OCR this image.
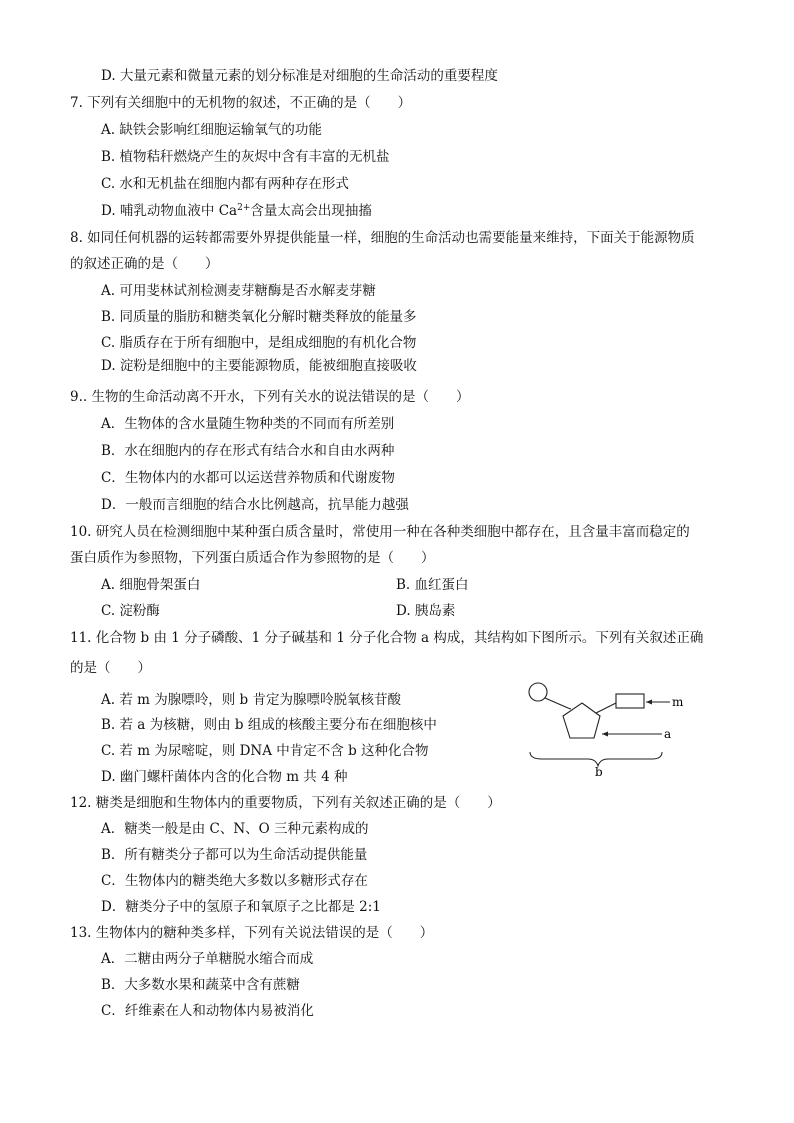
D. 大量元素和微量元素的划分标准是对细胞的生命活动的重要程度
7. 下列有关细胞中的无机物的叙述，不正确的是（　　）
A. 缺铁会影响红细胞运输氧气的功能
B. 植物秸秆燃烧产生的灰烬中含有丰富的无机盐
C. 水和无机盐在细胞内都有两种存在形式
8. 如同任何机器的运转都需要外界提供能量一样，细胞的生命活动也需要能量来维持，下面关于能源物质
的叙述正确的是（　　）
A. 可用斐林试剂检测麦芽糖酶是否水解麦芽糖
B. 同质量的脂肪和糖类氧化分解时糖类释放的能量多
C. 脂质存在于所有细胞中，是组成细胞的有机化合物
D. 淀粉是细胞中的主要能源物质，能被细胞直接吸收
9.. 生物的生命活动离不开水，下列有关水的说法错误的是（　　）
A．生物体的含水量随生物种类的不同而有所差别
B．水在细胞内的存在形式有结合水和自由水两种
C．生物体内的水都可以运送营养物质和代谢废物
D．一般而言细胞的结合水比例越高，抗旱能力越强
10. 研究人员在检测细胞中某种蛋白质含量时，常使用一种在各种类细胞中都存在，且含量丰富而稳定的
蛋白质作为参照物，下列蛋白质适合作为参照物的是（　　）
A. 细胞骨架蛋白	B. 血红蛋白
C. 淀粉酶	D. 胰岛素
11. 化合物 b 由 1 分子磷酸、1 分子碱基和 1 分子化合物 a 构成，其结构如下图所示。下列有关叙述正确
的是（　　）
A. 若 m 为腺嘌呤，则 b 肯定为腺嘌呤脱氧核苷酸
B. 若 a 为核糖，则由 b 组成的核酸主要分布在细胞核中
C. 若 m 为尿嘧啶，则 DNA 中肯定不含 b 这种化合物
D. 幽门螺杆菌体内含的化合物 m 共 4 种
12. 糖类是细胞和生物体内的重要物质，下列有关叙述正确的是（　　）
A．糖类一般是由 C、N、O 三种元素构成的
B．所有糖类分子都可以为生命活动提供能量
C．生物体内的糖类绝大多数以多糖形式存在
D．糖类分子中的氢原子和氧原子之比都是 2:1
13. 生物体内的糖种类多样，下列有关说法错误的是（　　）
A．二糖由两分子单糖脱水缩合而成
B．大多数水果和蔬菜中含有蔗糖
C．纤维素在人和动物体内易被消化
D. 哺乳动物血液中 $Ca^{2+}$含量太高会出现抽搐
m
a
b
